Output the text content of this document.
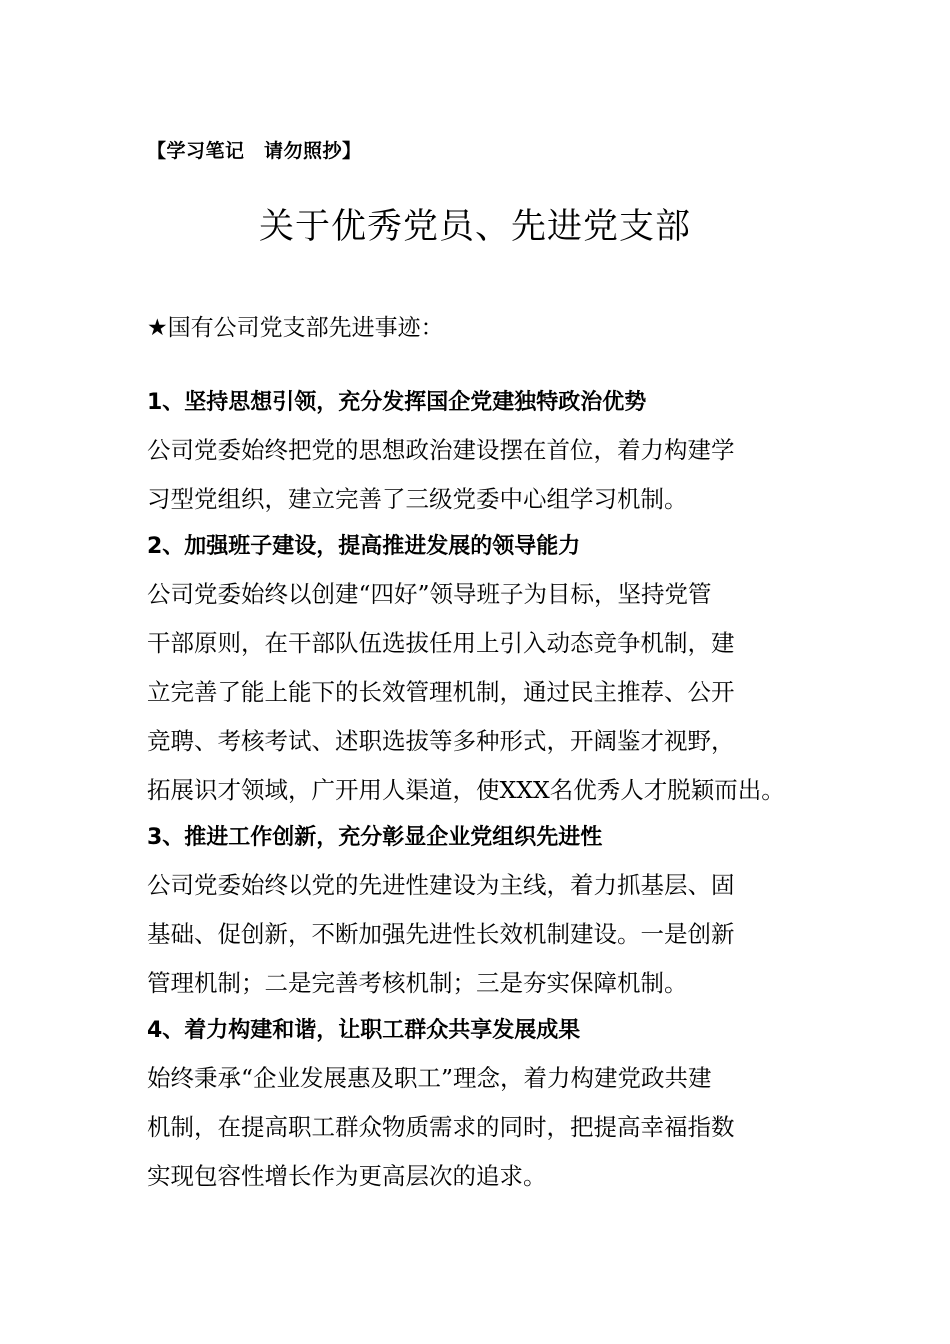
【学习笔记　请勿照抄】
关于优秀党员、先进党支部
★国有公司党支部先进事迹：
1、坚持思想引领，充分发挥国企党建独特政治优势
公司党委始终把党的思想政治建设摆在首位，着力构建学
习型党组织，建立完善了三级党委中心组学习机制。
2、加强班子建设，提高推进发展的领导能力
公司党委始终以创建“四好”领导班子为目标，坚持党管
干部原则，在干部队伍选拔任用上引入动态竞争机制，建
立完善了能上能下的长效管理机制，通过民主推荐、公开
竞聘、考核考试、述职选拔等多种形式，开阔鉴才视野，
拓展识才领域，广开用人渠道，使XXX名优秀人才脱颖而出。
3、推进工作创新，充分彰显企业党组织先进性
公司党委始终以党的先进性建设为主线，着力抓基层、固
基础、促创新，不断加强先进性长效机制建设。一是创新
管理机制；二是完善考核机制；三是夯实保障机制。
4、着力构建和谐，让职工群众共享发展成果
始终秉承“企业发展惠及职工”理念，着力构建党政共建
机制，在提高职工群众物质需求的同时，把提高幸福指数
实现包容性增长作为更高层次的追求。
